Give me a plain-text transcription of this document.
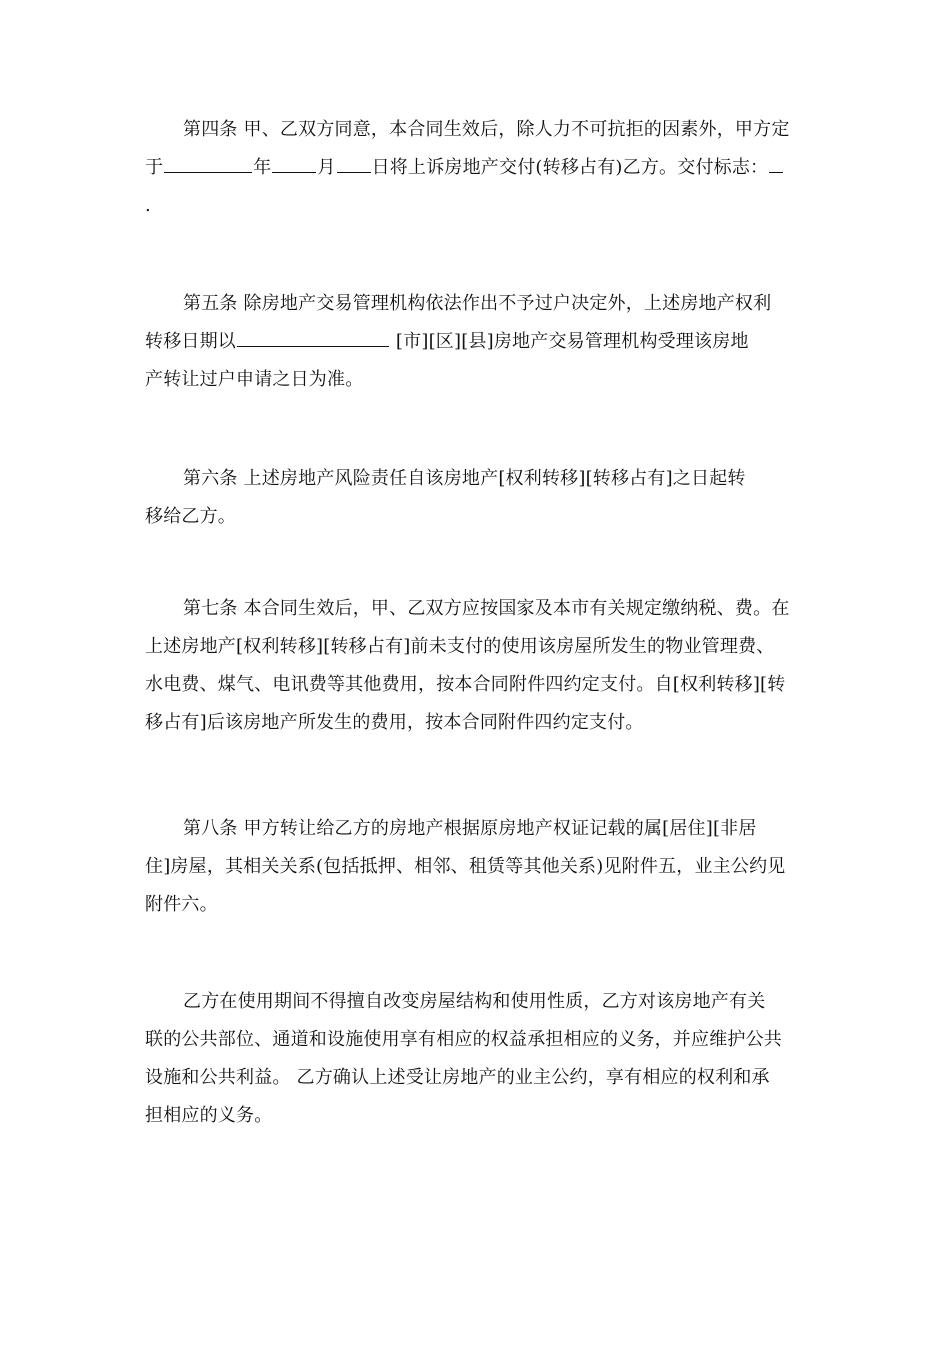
第四条 甲、乙双方同意，本合同生效后，除人力不可抗拒的因素外，甲方定
于	年	月 日将上诉房地产交付(转移占有)乙方。交付标志：
.

第五条 除房地产交易管理机构依法作出不予过户决定外，上述房地产权利
转移日期以	[市][区][县]房地产交易管理机构受理该房地
产转让过户申请之日为准。

第六条 上述房地产风险责任自该房地产[权利转移][转移占有]之日起转
移给乙方。

第七条 本合同生效后，甲、乙双方应按国家及本市有关规定缴纳税、费。在
上述房地产[权利转移][转移占有]前未支付的使用该房屋所发生的物业管理费、
水电费、煤气、电讯费等其他费用，按本合同附件四约定支付。自[权利转移][转
移占有]后该房地产所发生的费用，按本合同附件四约定支付。

第八条 甲方转让给乙方的房地产根据原房地产权证记载的属[居住][非居
住]房屋，其相关关系(包括抵押、相邻、租赁等其他关系)见附件五，业主公约见
附件六。

乙方在使用期间不得擅自改变房屋结构和使用性质，乙方对该房地产有关
联的公共部位、通道和设施使用享有相应的权益承担相应的义务，并应维护公共
设施和公共利益。 乙方确认上述受让房地产的业主公约，享有相应的权利和承
担相应的义务。
